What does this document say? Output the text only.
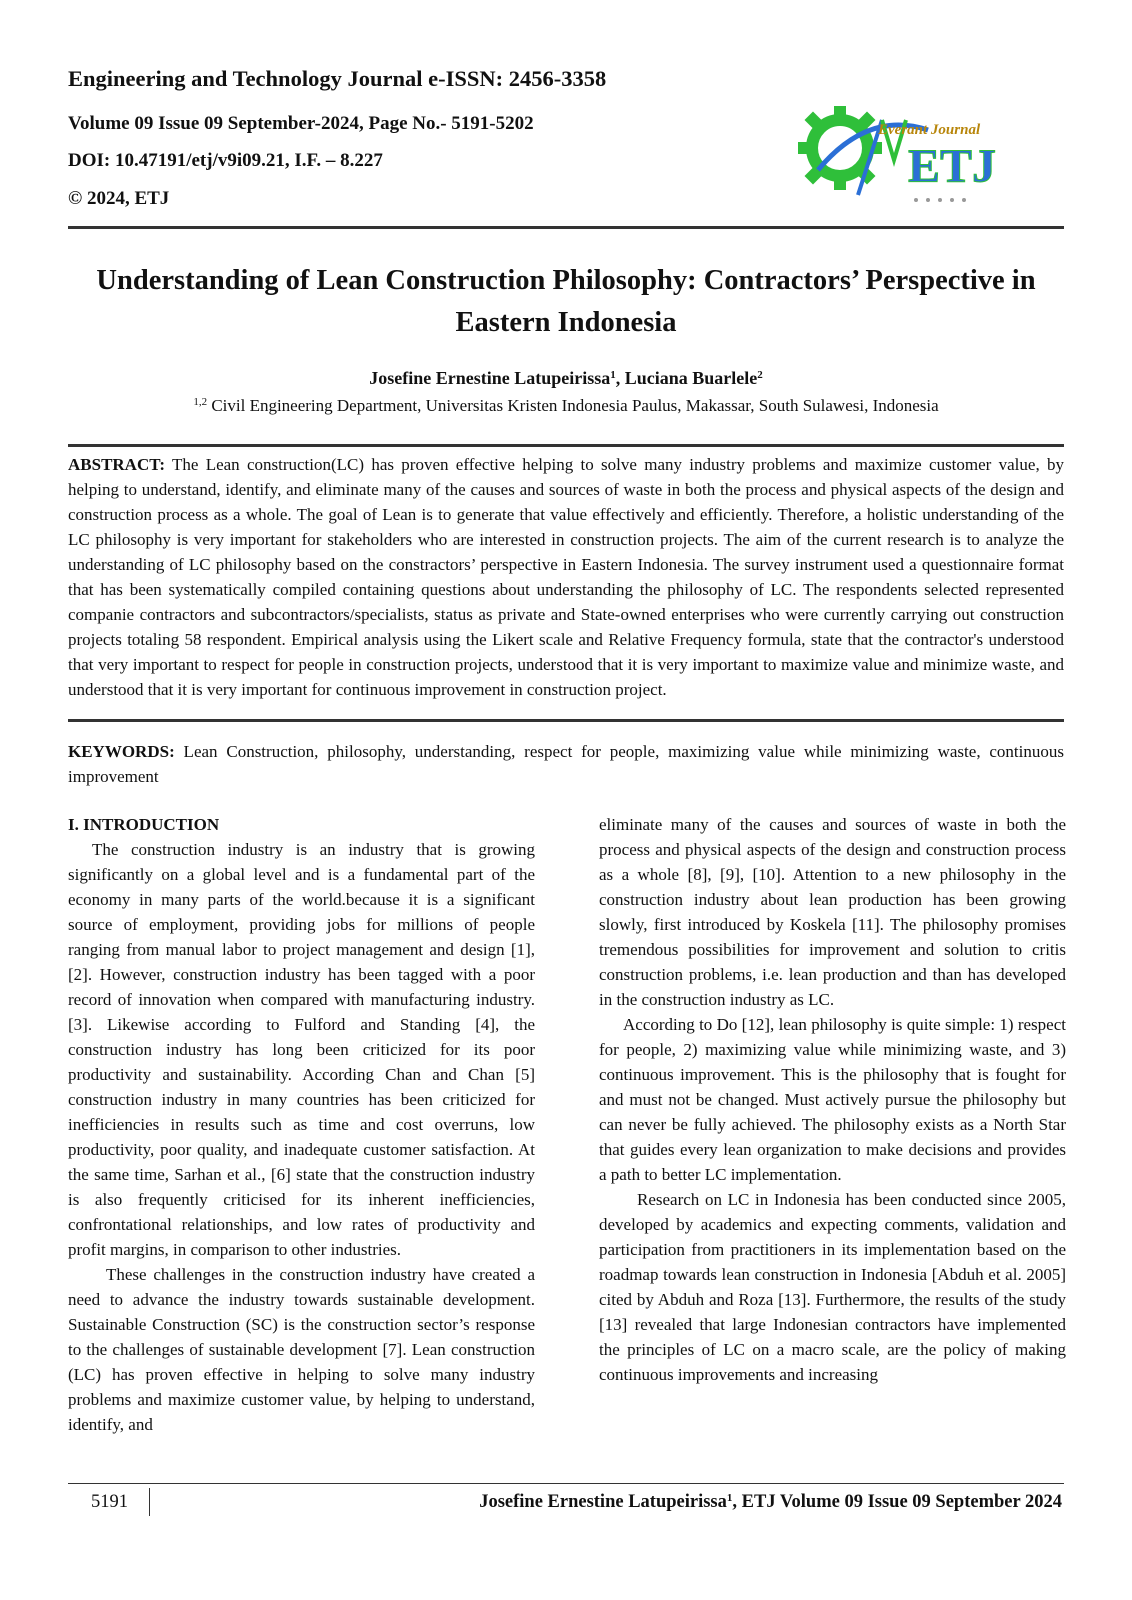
Engineering and Technology Journal e-ISSN: 2456-3358
Volume 09 Issue 09 September-2024, Page No.- 5191-5202
DOI: 10.47191/etj/v9i09.21, I.F. – 8.227
© 2024, ETJ
Everant Journal
ETJ
Understanding of Lean Construction Philosophy: Contractors’ Perspective in Eastern Indonesia
Josefine Ernestine Latupeirissa$^1$, Luciana Buarlele$^2$
$^{1,2}$ Civil Engineering Department, Universitas Kristen Indonesia Paulus, Makassar, South Sulawesi, Indonesia

ABSTRACT: The Lean construction(LC) has proven effective helping to solve many industry problems and maximize customer value, by helping to understand, identify, and eliminate many of the causes and sources of waste in both the process and physical aspects of the design and construction process as a whole. The goal of Lean is to generate that value effectively and efficiently. Therefore, a holistic understanding of the LC philosophy is very important for stakeholders who are interested in construction projects. The aim of the current research is to analyze the understanding of LC philosophy based on the constractors’ perspective in Eastern Indonesia. The survey instrument used a questionnaire format that has been systematically compiled containing questions about understanding the philosophy of LC. The respondents selected represented companie contractors and subcontractors/specialists, status as private and State-owned enterprises who were currently carrying out construction projects totaling 58 respondent. Empirical analysis using the Likert scale and Relative Frequency formula, state that the contractor's understood that very important to respect for people in construction projects, understood that it is very important to maximize value and minimize waste, and understood that it is very important for continuous improvement in construction project.

KEYWORDS: Lean Construction, philosophy, understanding, respect for people, maximizing value while minimizing waste, continuous improvement

I. INTRODUCTION

The construction industry is an industry that is growing significantly on a global level and is a fundamental part of the economy in many parts of the world.because it is a significant source of employment, providing jobs for millions of people ranging from manual labor to project management and design [1], [2]. However, construction industry has been tagged with a poor record of innovation when compared with manufacturing industry. [3]. Likewise according to Fulford and Standing [4], the construction industry has long been criticized for its poor productivity and sustainability. According Chan and Chan [5] construction industry in many countries has been criticized for inefficiencies in results such as time and cost overruns, low productivity, poor quality, and inadequate customer satisfaction. At the same time, Sarhan et al., [6] state that the construction industry is also frequently criticised for its inherent inefficiencies, confrontational relationships, and low rates of productivity and profit margins, in comparison to other industries.

These challenges in the construction industry have created a need to advance the industry towards sustainable development. Sustainable Construction (SC) is the construction sector’s response to the challenges of sustainable development [7]. Lean construction (LC) has proven effective in helping to solve many industry problems and maximize customer value, by helping to understand, identify, and

eliminate many of the causes and sources of waste in both the process and physical aspects of the design and construction process as a whole [8], [9], [10]. Attention to a new philosophy in the construction industry about lean production has been growing slowly, first introduced by Koskela [11]. The philosophy promises tremendous possibilities for improvement and solution to critis construction problems, i.e. lean production and than has developed in the construction industry as LC.

According to Do [12], lean philosophy is quite simple: 1) respect for people, 2) maximizing value while minimizing waste, and 3) continuous improvement. This is the philosophy that is fought for and must not be changed. Must actively pursue the philosophy but can never be fully achieved. The philosophy exists as a North Star that guides every lean organization to make decisions and provides a path to better LC implementation.

Research on LC in Indonesia has been conducted since 2005, developed by academics and expecting comments, validation and participation from practitioners in its implementation based on the roadmap towards lean construction in Indonesia [Abduh et al. 2005] cited by Abduh and Roza [13]. Furthermore, the results of the study [13] revealed that large Indonesian contractors have implemented the principles of LC on a macro scale, are the policy of making continuous improvements and increasing

5191	Josefine Ernestine Latupeirissa$^1$, ETJ Volume 09 Issue 09 September 2024
